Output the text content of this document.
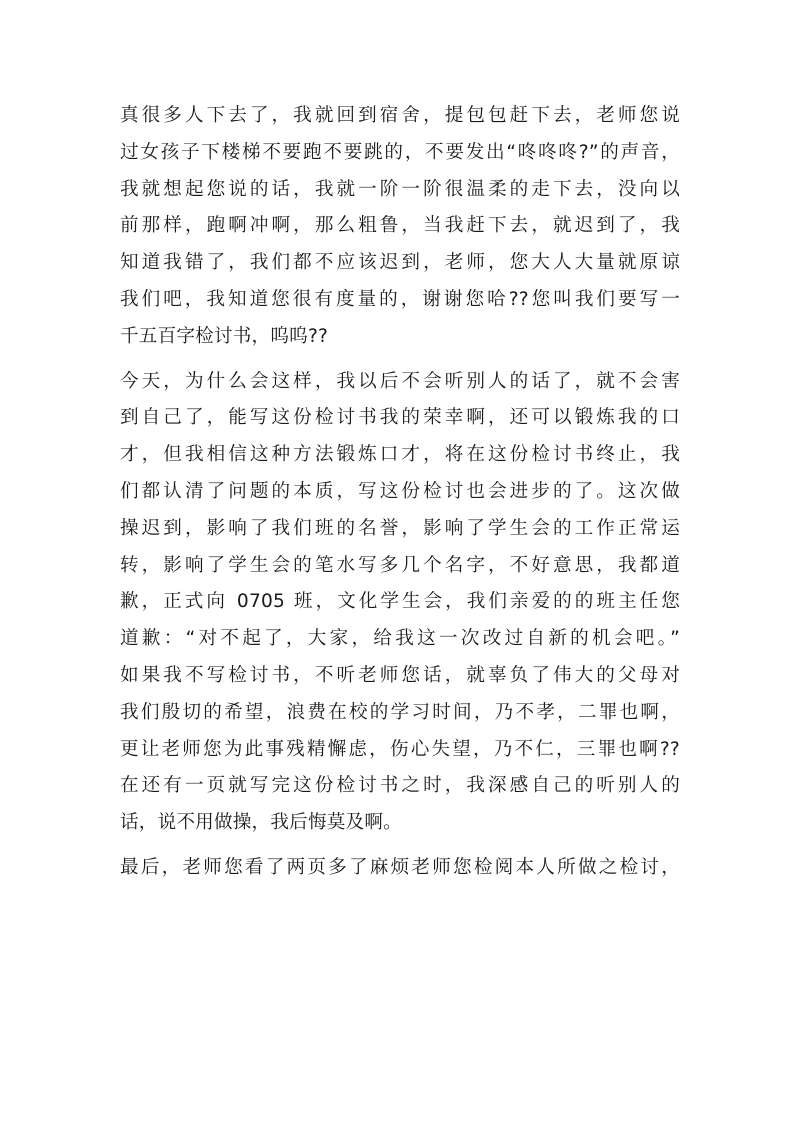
真很多人下去了，我就回到宿舍，提包包赶下去，老师您说
过女孩子下楼梯不要跑不要跳的，不要发出“咚咚咚?”的声音，
我就想起您说的话，我就一阶一阶很温柔的走下去，没向以
前那样，跑啊冲啊，那么粗鲁，当我赶下去，就迟到了，我
知道我错了，我们都不应该迟到，老师，您大人大量就原谅
我们吧，我知道您很有度量的，谢谢您哈??您叫我们要写一
千五百字检讨书，呜呜??
今天，为什么会这样，我以后不会听别人的话了，就不会害
到自己了，能写这份检讨书我的荣幸啊，还可以锻炼我的口
才，但我相信这种方法锻炼口才，将在这份检讨书终止，我
们都认清了问题的本质，写这份检讨也会进步的了。这次做
操迟到，影响了我们班的名誉，影响了学生会的工作正常运
转，影响了学生会的笔水写多几个名字，不好意思，我都道
歉，正式向 0705 班，文化学生会，我们亲爱的的班主任您
道歉：“对不起了，大家，给我这一次改过自新的机会吧。”
如果我不写检讨书，不听老师您话，就辜负了伟大的父母对
我们殷切的希望，浪费在校的学习时间，乃不孝，二罪也啊，
更让老师您为此事残精懈虑，伤心失望，乃不仁，三罪也啊??
在还有一页就写完这份检讨书之时，我深感自己的听别人的
话，说不用做操，我后悔莫及啊。
最后，老师您看了两页多了麻烦老师您检阅本人所做之检讨，
